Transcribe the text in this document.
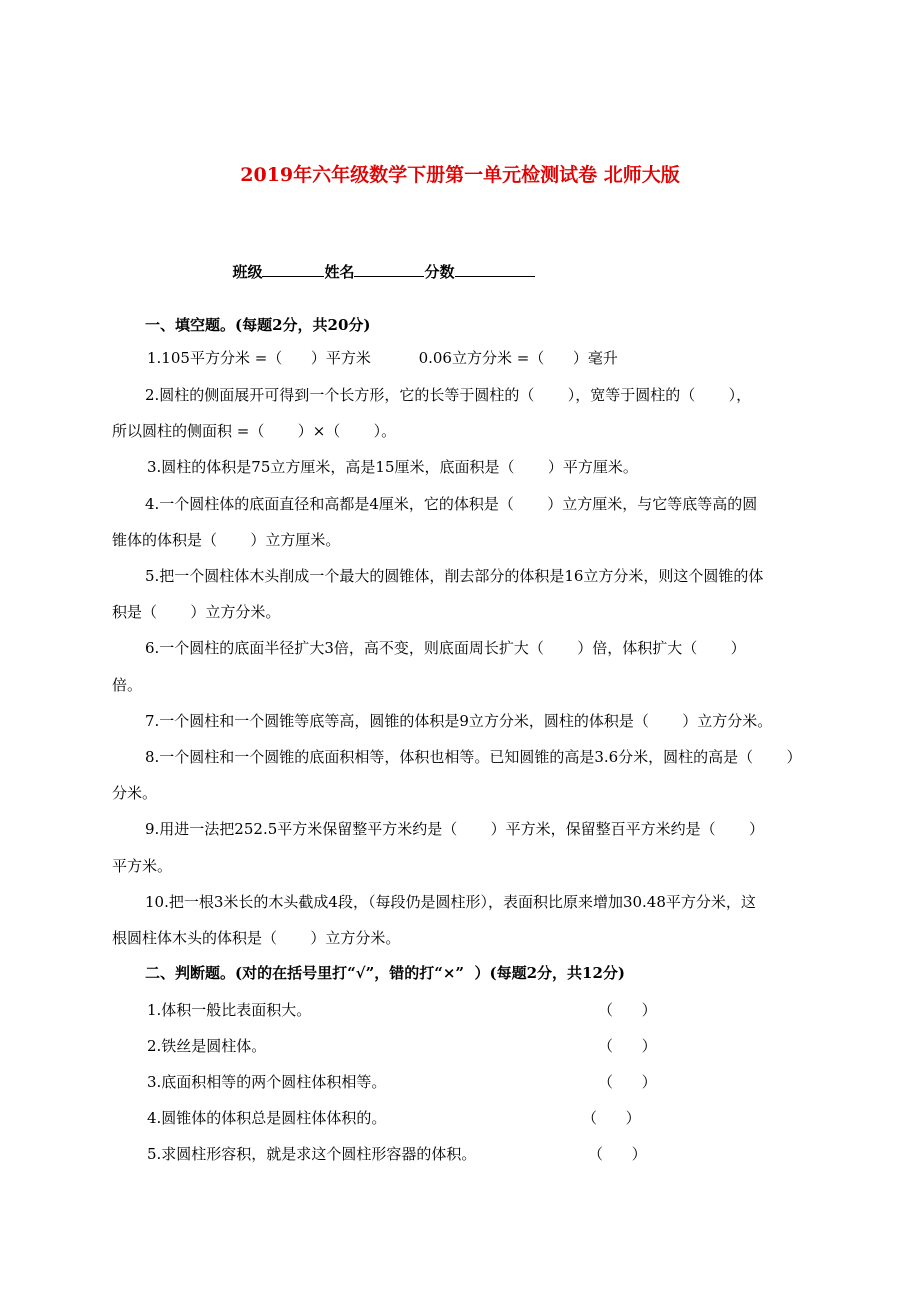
2019年六年级数学下册第一单元检测试卷 北师大版

班级	姓名	分数

一、填空题。(每题2分，共20分)
1.105平方分米 =（      ）平方米          0.06立方分米 =（      ）毫升
2.圆柱的侧面展开可得到一个长方形，它的长等于圆柱的（       ），宽等于圆柱的（       ），
所以圆柱的侧面积 =（       ）×（       ）。
3.圆柱的体积是75立方厘米，高是15厘米，底面积是（       ）平方厘米。
4.一个圆柱体的底面直径和高都是4厘米，它的体积是（       ）立方厘米，与它等底等高的圆
锥体的体积是（       ）立方厘米。
5.把一个圆柱体木头削成一个最大的圆锥体，削去部分的体积是16立方分米，则这个圆锥的体
积是（       ）立方分米。
6.一个圆柱的底面半径扩大3倍，高不变，则底面周长扩大（       ）倍，体积扩大（       ）
倍。
7.一个圆柱和一个圆锥等底等高，圆锥的体积是9立方分米，圆柱的体积是（       ）立方分米。
8.一个圆柱和一个圆锥的底面积相等，体积也相等。已知圆锥的高是3.6分米，圆柱的高是（       ）
分米。
9.用进一法把252.5平方米保留整平方米约是（       ）平方米，保留整百平方米约是（       ）
平方米。
10.把一根3米长的木头截成4段，（每段仍是圆柱形），表面积比原来增加30.48平方分米，这
根圆柱体木头的体积是（       ）立方分米。
二、判断题。(对的在括号里打“√”，错的打“×”  ）(每题2分，共12分)
1.体积一般比表面积大。	（      ）
2.铁丝是圆柱体。	（      ）
3.底面积相等的两个圆柱体积相等。	（      ）
4.圆锥体的体积总是圆柱体体积的。	（      ）
5.求圆柱形容积，就是求这个圆柱形容器的体积。	（      ）
